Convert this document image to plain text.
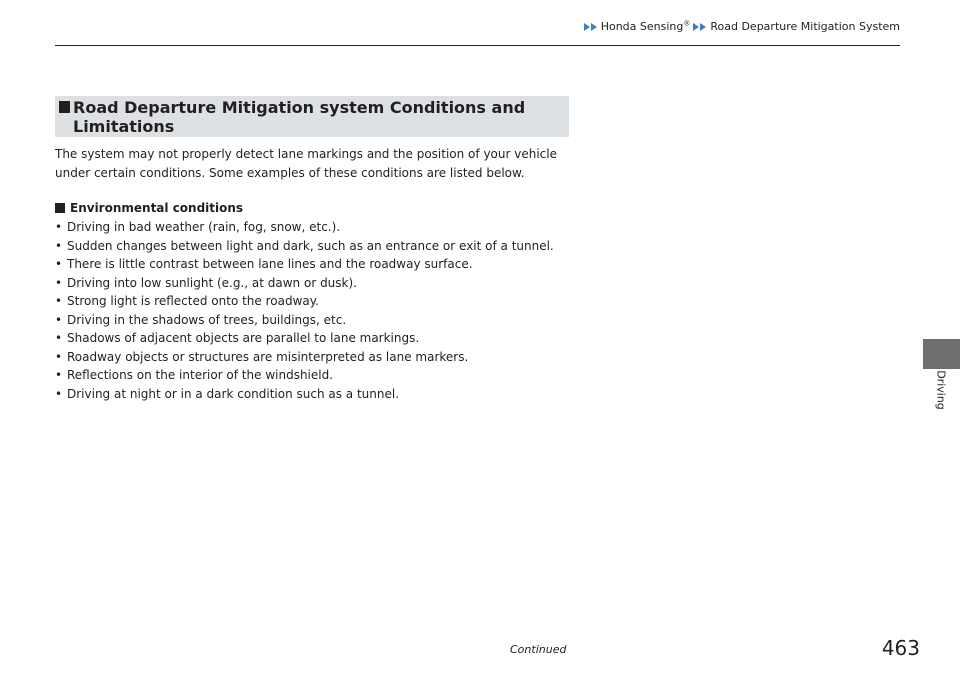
Honda Sensing® Road Departure Mitigation System
Road Departure Mitigation system Conditions and
Limitations
The system may not properly detect lane markings and the position of your vehicle
under certain conditions. Some examples of these conditions are listed below.
Environmental conditions
• Driving in bad weather (rain, fog, snow, etc.).
• Sudden changes between light and dark, such as an entrance or exit of a tunnel.
• There is little contrast between lane lines and the roadway surface.
• Driving into low sunlight (e.g., at dawn or dusk).
• Strong light is reflected onto the roadway.
• Driving in the shadows of trees, buildings, etc.
• Shadows of adjacent objects are parallel to lane markings.
• Roadway objects or structures are misinterpreted as lane markers.
• Reflections on the interior of the windshield.
• Driving at night or in a dark condition such as a tunnel.	Driving
Continued	463
